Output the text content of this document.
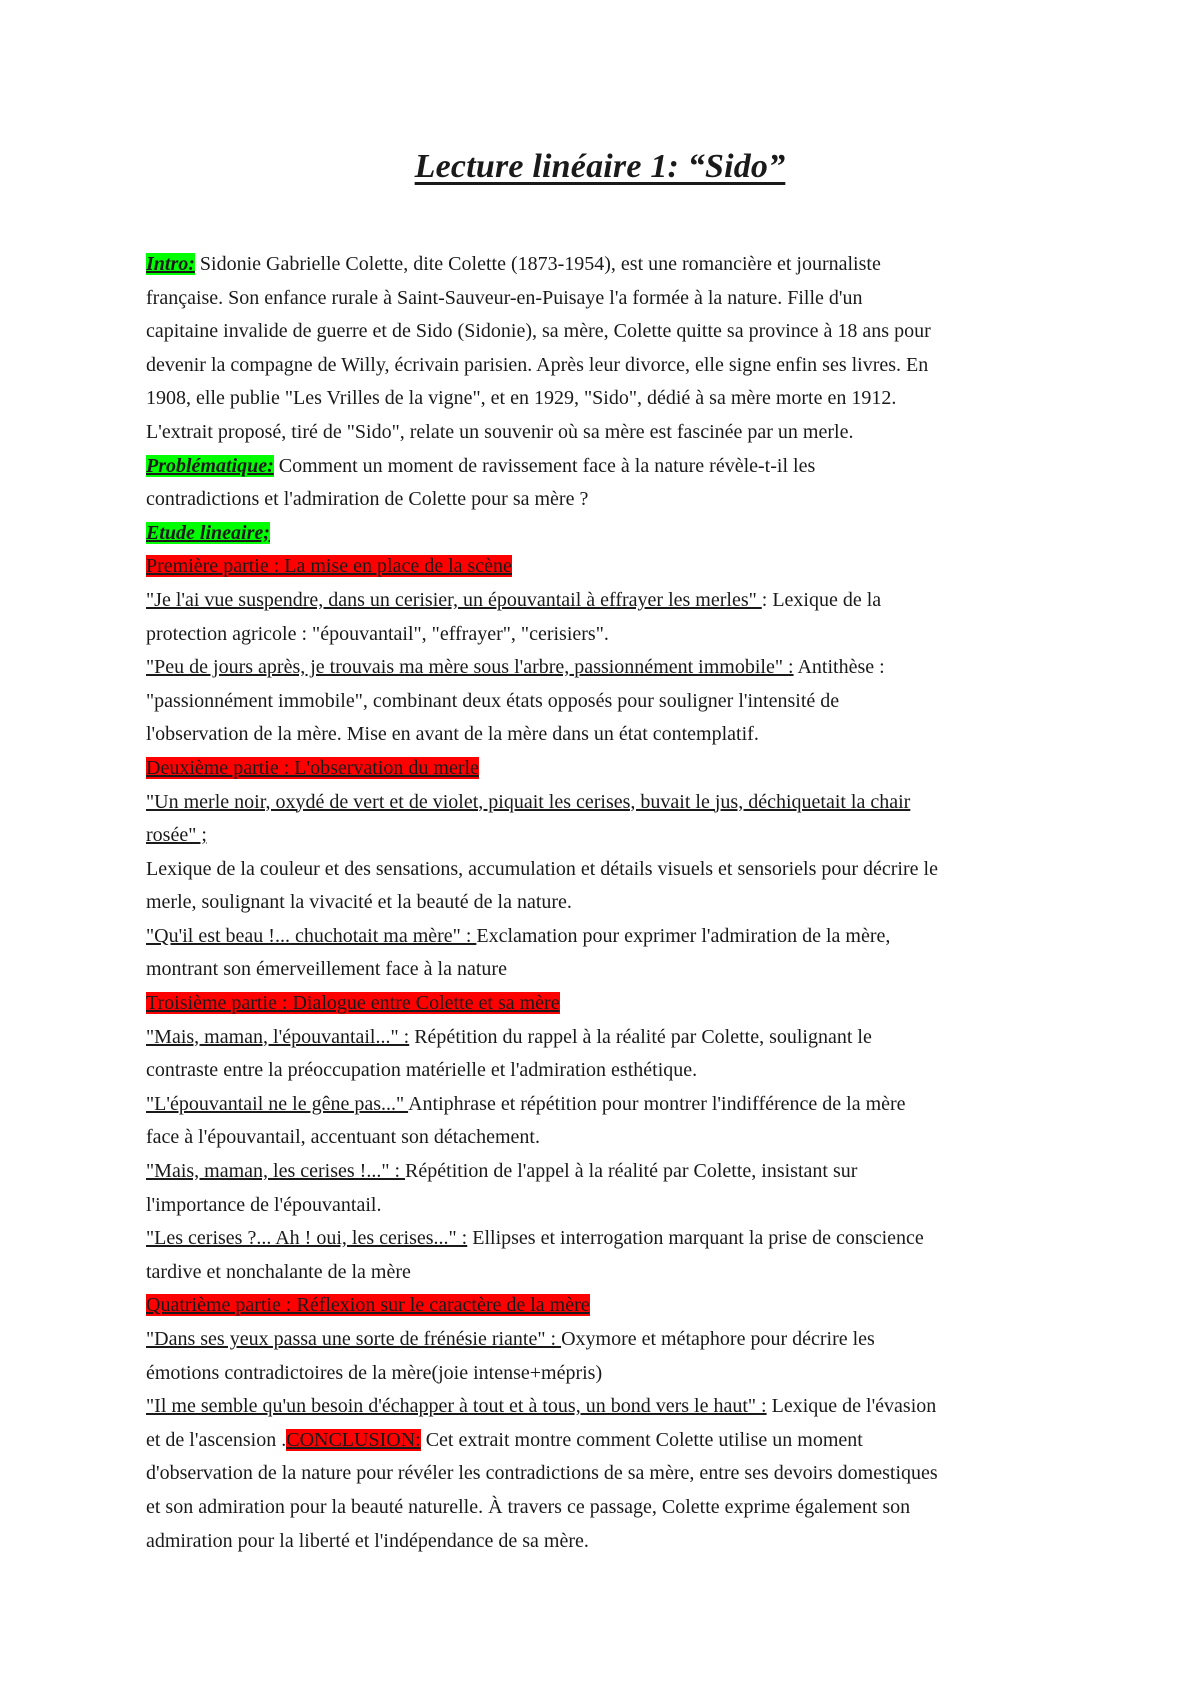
Lecture linéaire 1: “Sido”
Intro: Sidonie Gabrielle Colette, dite Colette (1873-1954), est une romancière et journaliste
française. Son enfance rurale à Saint-Sauveur-en-Puisaye l'a formée à la nature. Fille d'un
capitaine invalide de guerre et de Sido (Sidonie), sa mère, Colette quitte sa province à 18 ans pour
devenir la compagne de Willy, écrivain parisien. Après leur divorce, elle signe enfin ses livres. En
1908, elle publie "Les Vrilles de la vigne", et en 1929, "Sido", dédié à sa mère morte en 1912.
L'extrait proposé, tiré de "Sido", relate un souvenir où sa mère est fascinée par un merle.
Problématique: Comment un moment de ravissement face à la nature révèle-t-il les
contradictions et l'admiration de Colette pour sa mère ?
Etude lineaire;
Première partie : La mise en place de la scène
"Je l'ai vue suspendre, dans un cerisier, un épouvantail à effrayer les merles" : Lexique de la
protection agricole : "épouvantail", "effrayer", "cerisiers".
"Peu de jours après, je trouvais ma mère sous l'arbre, passionnément immobile" : Antithèse :
"passionnément immobile", combinant deux états opposés pour souligner l'intensité de
l'observation de la mère. Mise en avant de la mère dans un état contemplatif.
Deuxième partie : L'observation du merle
"Un merle noir, oxydé de vert et de violet, piquait les cerises, buvait le jus, déchiquetait la chair
rosée" ;
Lexique de la couleur et des sensations, accumulation et détails visuels et sensoriels pour décrire le
merle, soulignant la vivacité et la beauté de la nature.
"Qu'il est beau !... chuchotait ma mère" : Exclamation pour exprimer l'admiration de la mère,
montrant son émerveillement face à la nature
Troisième partie : Dialogue entre Colette et sa mère
"Mais, maman, l'épouvantail..." : Répétition du rappel à la réalité par Colette, soulignant le
contraste entre la préoccupation matérielle et l'admiration esthétique.
"L'épouvantail ne le gêne pas..." Antiphrase et répétition pour montrer l'indifférence de la mère
face à l'épouvantail, accentuant son détachement.
"Mais, maman, les cerises !..." : Répétition de l'appel à la réalité par Colette, insistant sur
l'importance de l'épouvantail.
"Les cerises ?... Ah ! oui, les cerises..." : Ellipses et interrogation marquant la prise de conscience
tardive et nonchalante de la mère
Quatrième partie : Réflexion sur le caractère de la mère
"Dans ses yeux passa une sorte de frénésie riante" : Oxymore et métaphore pour décrire les
émotions contradictoires de la mère(joie intense+mépris)
"Il me semble qu'un besoin d'échapper à tout et à tous, un bond vers le haut" : Lexique de l'évasion
et de l'ascension .CONCLUSION: Cet extrait montre comment Colette utilise un moment
d'observation de la nature pour révéler les contradictions de sa mère, entre ses devoirs domestiques
et son admiration pour la beauté naturelle. À travers ce passage, Colette exprime également son
admiration pour la liberté et l'indépendance de sa mère.
